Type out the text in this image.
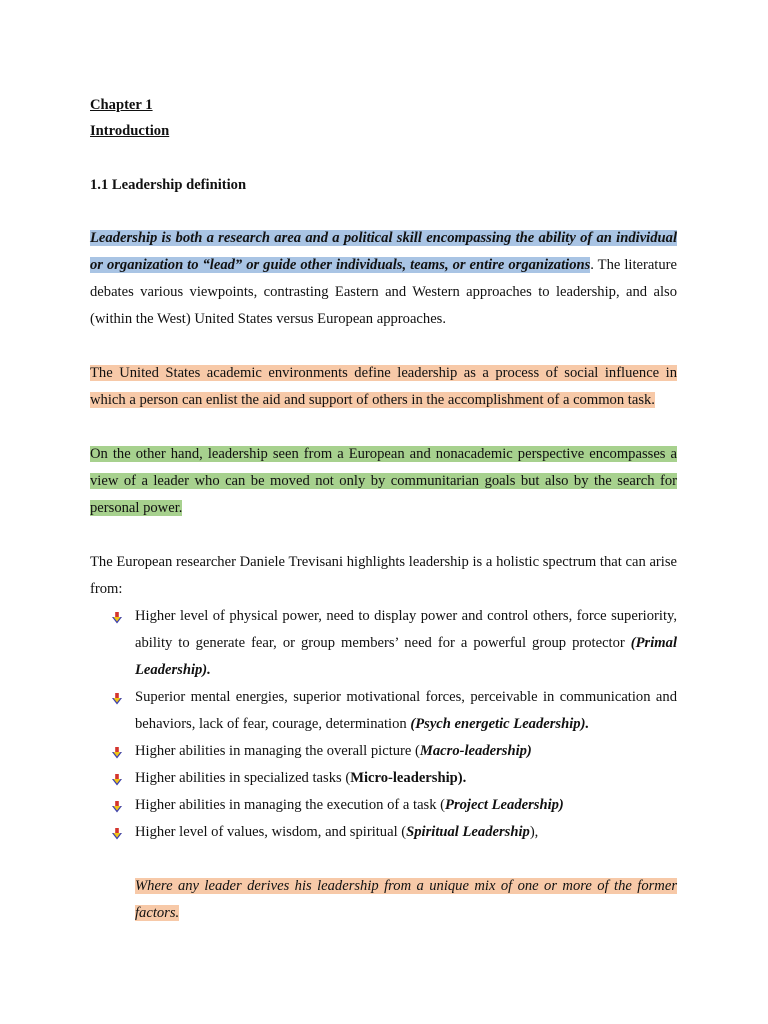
Chapter 1
Introduction
1.1 Leadership definition

Leadership is both a research area and a political skill encompassing the ability of an individual or organization to “lead” or guide other individuals, teams, or entire organizations. The literature debates various viewpoints, contrasting Eastern and Western approaches to leadership, and also (within the West) United States versus European approaches.

The United States academic environments define leadership as a process of social influence in which a person can enlist the aid and support of others in the accomplishment of a common task.

On the other hand, leadership seen from a European and nonacademic perspective encompasses a view of a leader who can be moved not only by communitarian goals but also by the search for personal power.

The European researcher Daniele Trevisani highlights leadership is a holistic spectrum that can arise from:

Higher level of physical power, need to display power and control others, force superiority, ability to generate fear, or group members’ need for a powerful group protector (Primal Leadership).
Superior mental energies, superior motivational forces, perceivable in communication and behaviors, lack of fear, courage, determination (Psych energetic Leadership).
Higher abilities in managing the overall picture (Macro-leadership)
Higher abilities in specialized tasks (Micro-leadership).
Higher abilities in managing the execution of a task (Project Leadership)
Higher level of values, wisdom, and spiritual (Spiritual Leadership),
Where any leader derives his leadership from a unique mix of one or more of the former factors.
